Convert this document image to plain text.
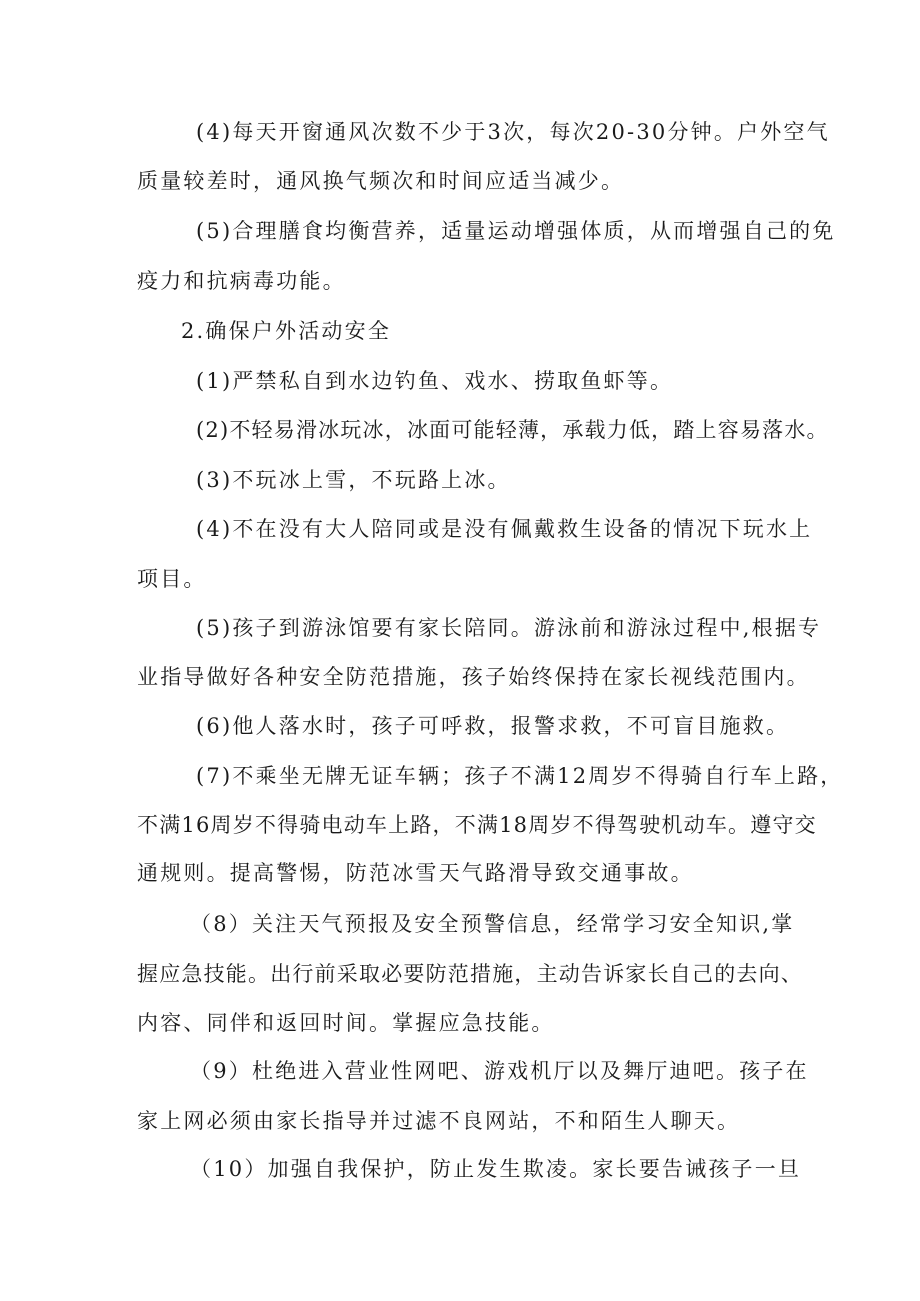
(4)每天开窗通风次数不少于3次，每次20-30分钟。户外空气

质量较差时，通风换气频次和时间应适当减少。

(5)合理膳食均衡营养，适量运动增强体质，从而增强自己的免

疫力和抗病毒功能。

2.确保户外活动安全

(1)严禁私自到水边钓鱼、戏水、捞取鱼虾等。

(2)不轻易滑冰玩冰，冰面可能轻薄，承载力低，踏上容易落水。

(3)不玩冰上雪，不玩路上冰。

(4)不在没有大人陪同或是没有佩戴救生设备的情况下玩水上

项目。

(5)孩子到游泳馆要有家长陪同。游泳前和游泳过程中,根据专

业指导做好各种安全防范措施，孩子始终保持在家长视线范围内。

(6)他人落水时，孩子可呼救，报警求救，不可盲目施救。

(7)不乘坐无牌无证车辆；孩子不满12周岁不得骑自行车上路，

不满16周岁不得骑电动车上路，不满18周岁不得驾驶机动车。遵守交

通规则。提高警惕，防范冰雪天气路滑导致交通事故。

（8）关注天气预报及安全预警信息，经常学习安全知识,掌

握应急技能。出行前采取必要防范措施，主动告诉家长自己的去向、

内容、同伴和返回时间。掌握应急技能。

（9）杜绝进入营业性网吧、游戏机厅以及舞厅迪吧。孩子在

家上网必须由家长指导并过滤不良网站，不和陌生人聊天。

（10）加强自我保护，防止发生欺凌。家长要告诫孩子一旦
